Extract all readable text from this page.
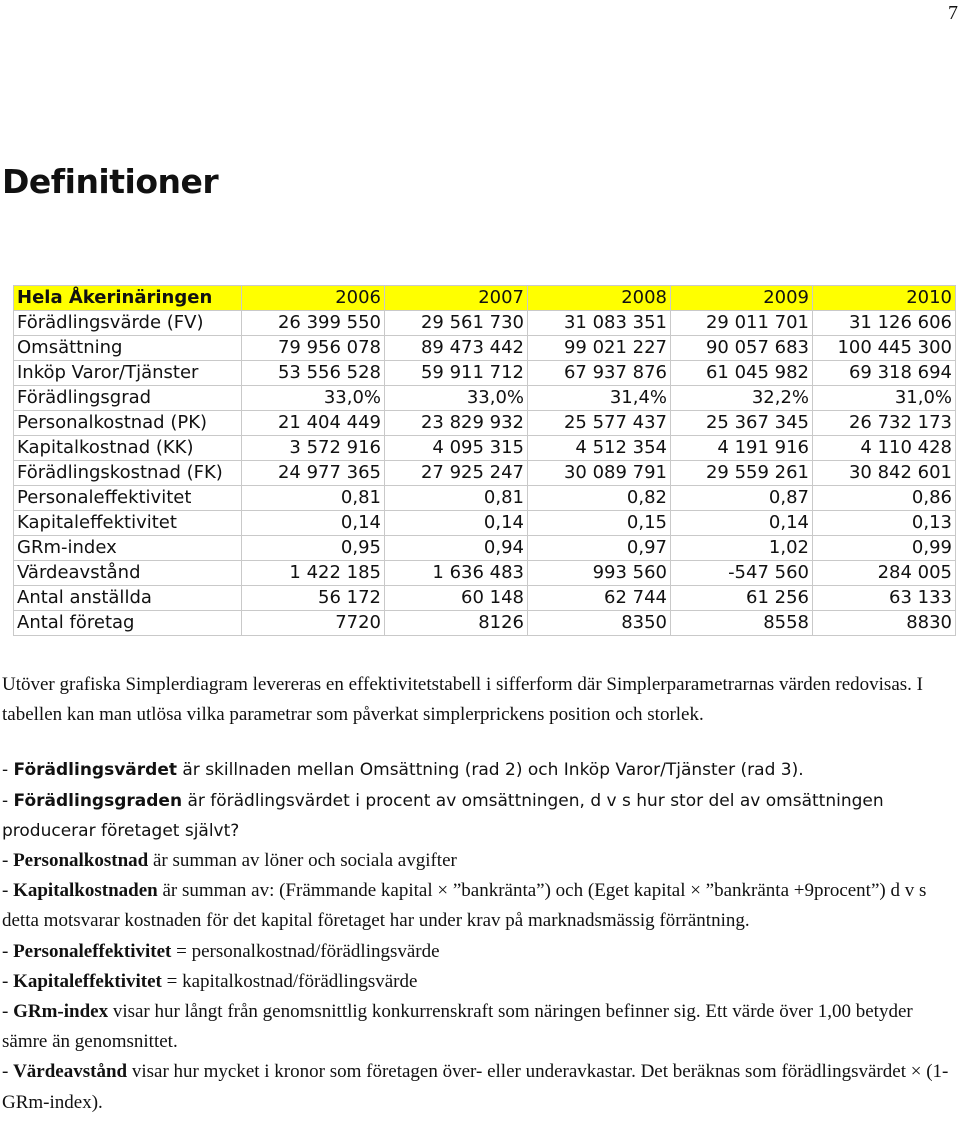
7
Definitioner
Hela Åkerinäringen	2006	2007	2008	2009	2010
Förädlingsvärde (FV)	26 399 550	29 561 730	31 083 351	29 011 701	31 126 606
Omsättning	79 956 078	89 473 442	99 021 227	90 057 683	100 445 300
Inköp Varor/Tjänster	53 556 528	59 911 712	67 937 876	61 045 982	69 318 694
Förädlingsgrad	33,0%	33,0%	31,4%	32,2%	31,0%
Personalkostnad (PK)	21 404 449	23 829 932	25 577 437	25 367 345	26 732 173
Kapitalkostnad (KK)	3 572 916	4 095 315	4 512 354	4 191 916	4 110 428
Förädlingskostnad (FK)	24 977 365	27 925 247	30 089 791	29 559 261	30 842 601
Personaleffektivitet	0,81	0,81	0,82	0,87	0,86
Kapitaleffektivitet	0,14	0,14	0,15	0,14	0,13
GRm-index	0,95	0,94	0,97	1,02	0,99
Värdeavstånd	1 422 185	1 636 483	993 560	-547 560	284 005
Antal anställda	56 172	60 148	62 744	61 256	63 133
Antal företag	7720	8126	8350	8558	8830

Utöver grafiska Simplerdiagram levereras en effektivitetstabell i sifferform där Simplerparametrarnas värden redovisas. I tabellen kan man utlösa vilka parametrar som påverkat simplerprickens position och storlek.

- Förädlingsvärdet är skillnaden mellan Omsättning (rad 2) och Inköp Varor/Tjänster (rad 3).

- Förädlingsgraden är förädlingsvärdet i procent av omsättningen, d v s hur stor del av omsättningen producerar företaget självt?

- Personalkostnad är summan av löner och sociala avgifter

- Kapitalkostnaden är summan av: (Främmande kapital × ”bankränta”) och (Eget kapital × ”bankränta +9procent”) d v s detta motsvarar kostnaden för det kapital företaget har under krav på marknadsmässig förräntning.

- Personaleffektivitet = personalkostnad/förädlingsvärde

- Kapitaleffektivitet = kapitalkostnad/förädlingsvärde

- GRm-index visar hur långt från genomsnittlig konkurrenskraft som näringen befinner sig. Ett värde över 1,00 betyder sämre än genomsnittet.

- Värdeavstånd visar hur mycket i kronor som företagen över- eller underavkastar. Det beräknas som förädlingsvärdet × (1-GRm-index).
